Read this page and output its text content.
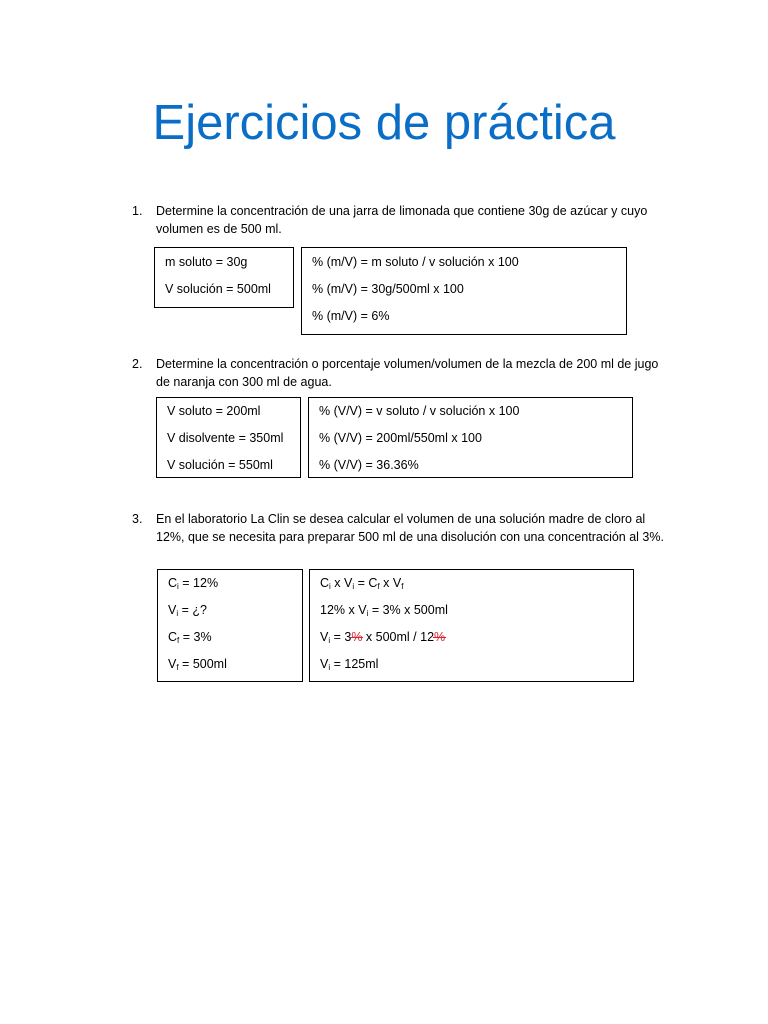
Ejercicios de práctica
1.	Determine la concentración de una jarra de limonada que contiene 30g de azúcar y cuyo volumen es de 500 ml.
m soluto = 30g
V solución = 500ml
% (m/V) = m soluto / v solución x 100
% (m/V) = 30g/500ml x 100
% (m/V) = 6%
2.	Determine la concentración o porcentaje volumen/volumen de la mezcla de 200 ml de jugo de naranja con 300 ml de agua.
V soluto = 200ml
V disolvente = 350ml
V solución = 550ml
% (V/V) = v soluto / v solución x 100
% (V/V) = 200ml/550ml x 100
% (V/V) = 36.36%
3.	En el laboratorio La Clin se desea calcular el volumen de una solución madre de cloro al 12%, que se necesita para preparar 500 ml de una disolución con una concentración al 3%.
$C_i = 12\%$
$V_i$ = ¿?
$C_f = 3\%$
$V_f = 500ml$
$C_i$ x $V_i = C_f$ x $V_f$
12% x $V_i = 3\%$ x 500ml
$V_i = 3\%$ x 500ml / 12%
$V_i = 125ml$
